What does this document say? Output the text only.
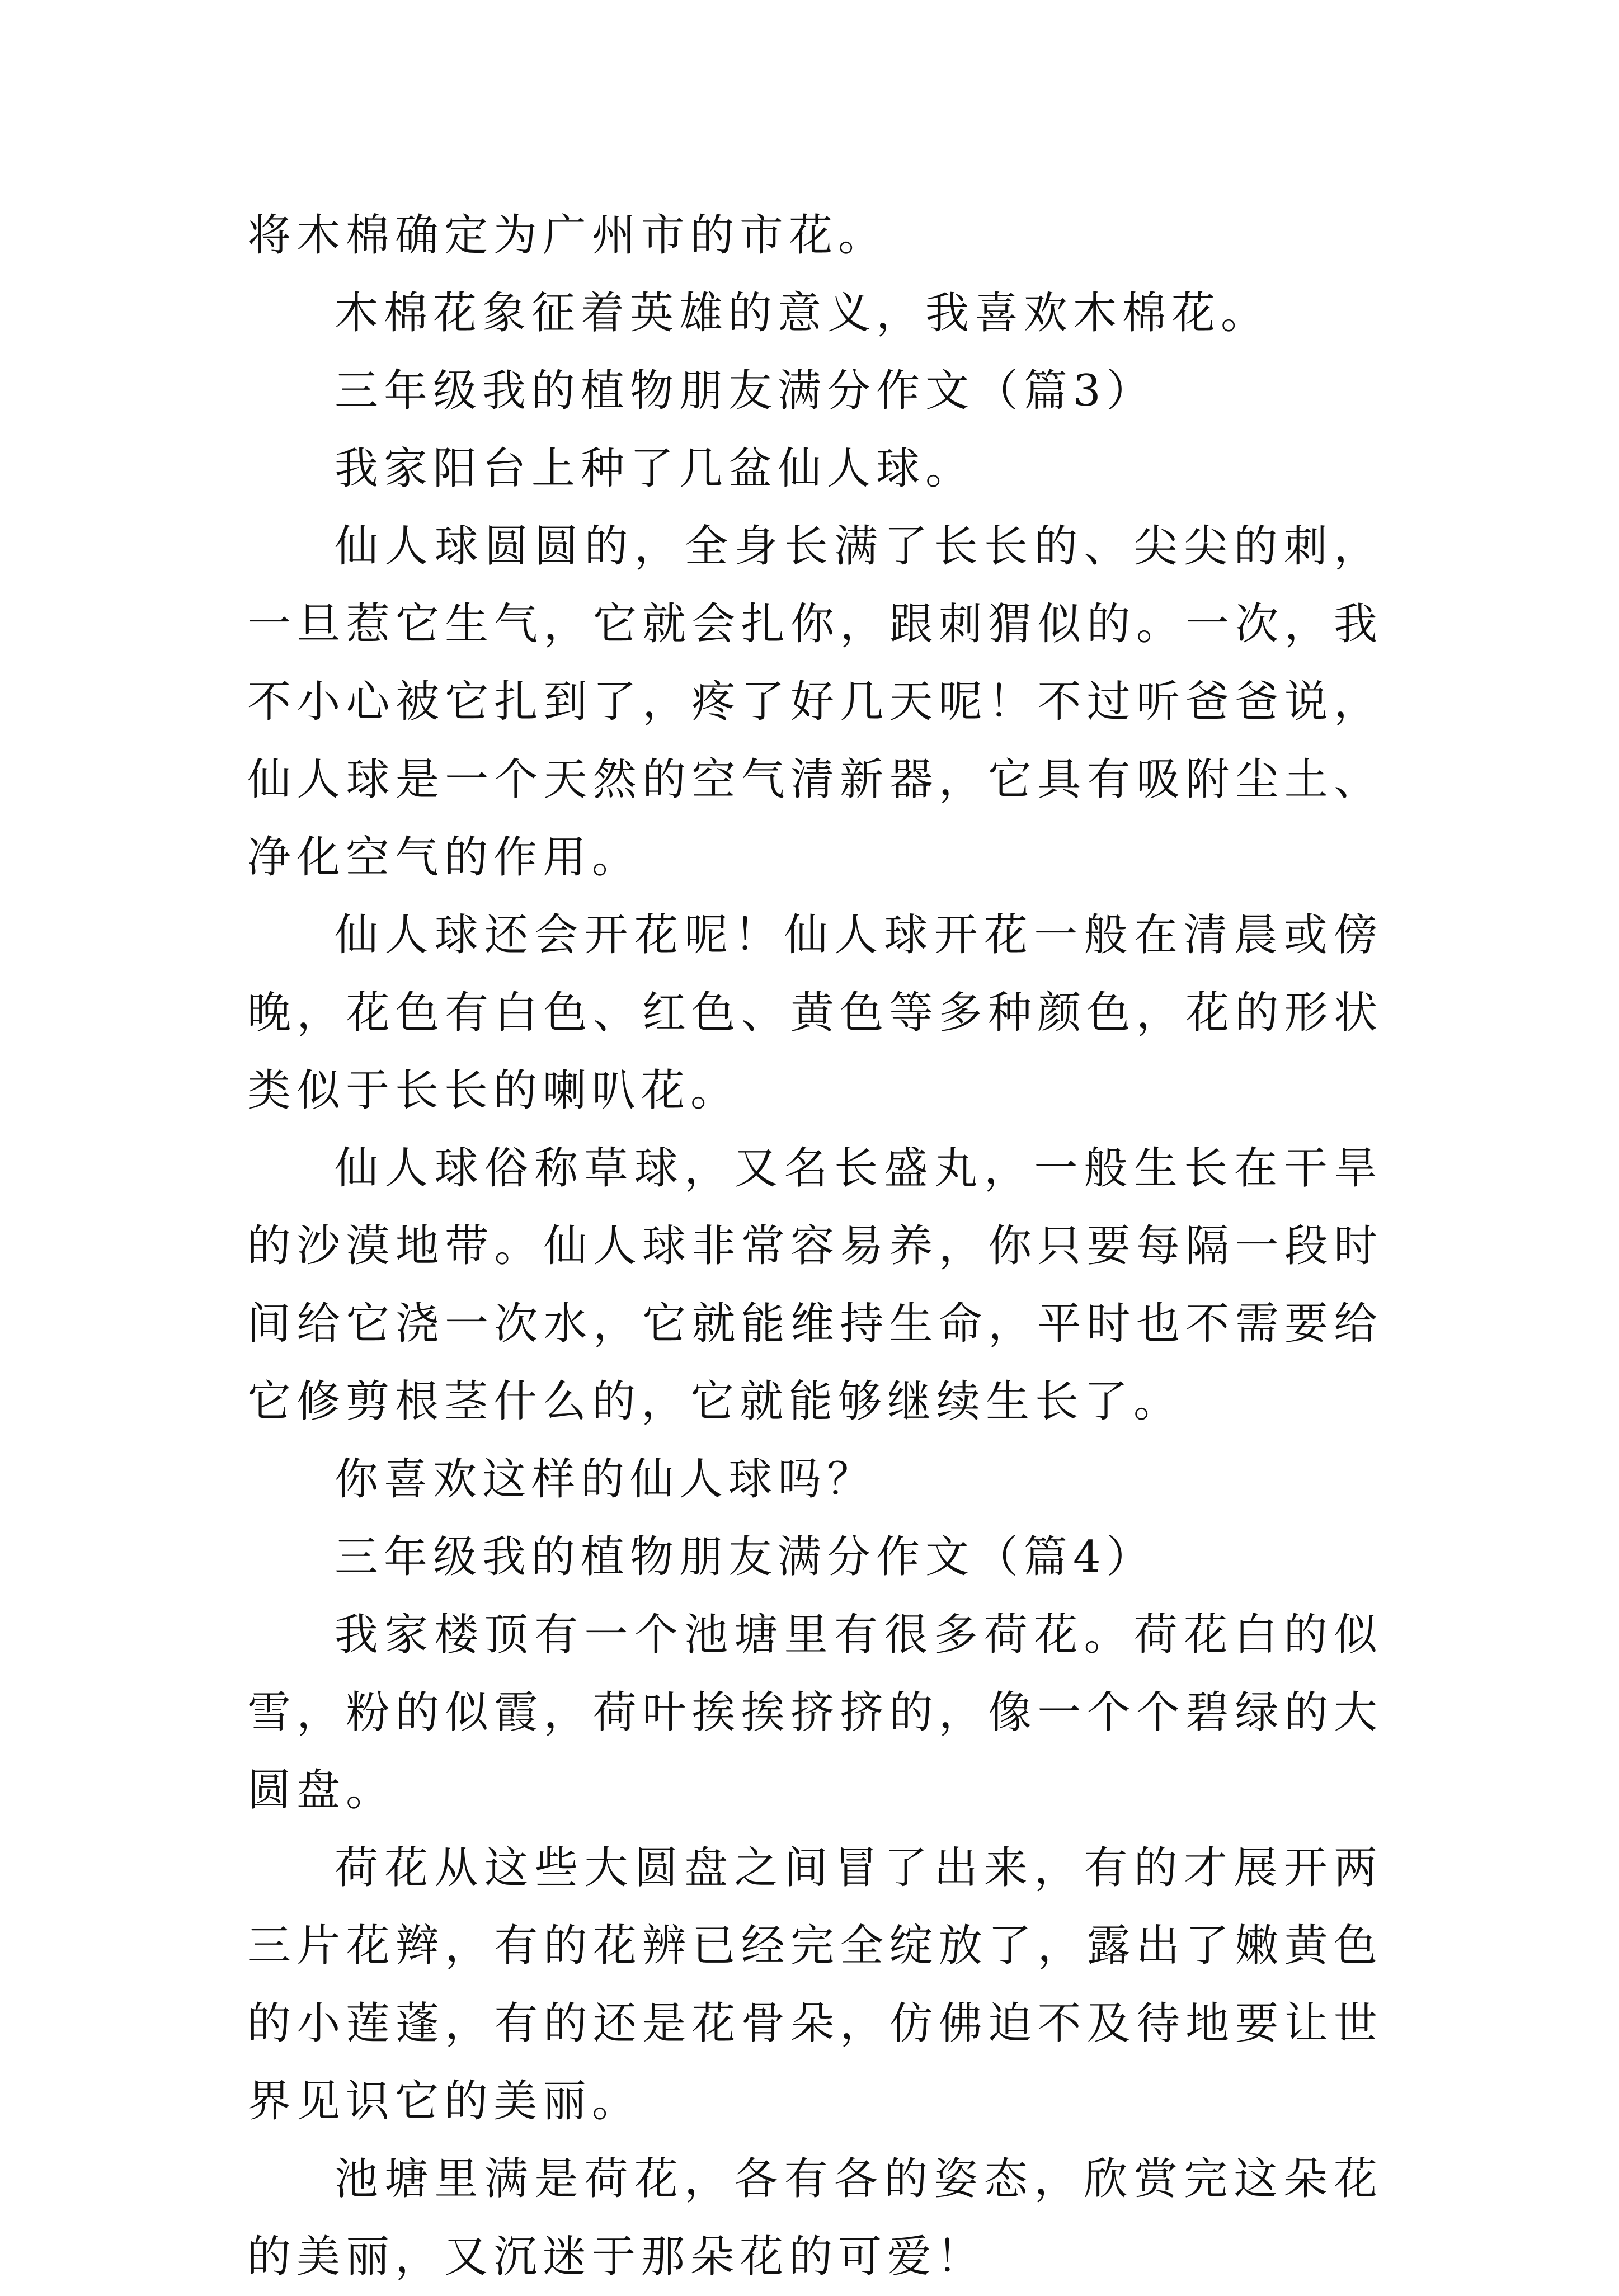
将木棉确定为广州市的市花。

木棉花象征着英雄的意义，我喜欢木棉花。

三年级我的植物朋友满分作文（篇3）

我家阳台上种了几盆仙人球。

仙人球圆圆的，全身长满了长长的、尖尖的刺，一旦惹它生气，它就会扎你，跟刺猬似的。一次，我不小心被它扎到了，疼了好几天呢！不过听爸爸说，仙人球是一个天然的空气清新器，它具有吸附尘土、净化空气的作用。

仙人球还会开花呢！仙人球开花一般在清晨或傍晚，花色有白色、红色、黄色等多种颜色，花的形状类似于长长的喇叭花。

仙人球俗称草球，又名长盛丸，一般生长在干旱的沙漠地带。仙人球非常容易养，你只要每隔一段时间给它浇一次水，它就能维持生命，平时也不需要给它修剪根茎什么的，它就能够继续生长了。

你喜欢这样的仙人球吗？

三年级我的植物朋友满分作文（篇4）

我家楼顶有一个池塘里有很多荷花。荷花白的似雪，粉的似霞，荷叶挨挨挤挤的，像一个个碧绿的大圆盘。

荷花从这些大圆盘之间冒了出来，有的才展开两三片花辫，有的花辨已经完全绽放了，露出了嫩黄色的小莲蓬，有的还是花骨朵，仿佛迫不及待地要让世界见识它的美丽。

池塘里满是荷花，各有各的姿态，欣赏完这朵花的美丽，又沉迷于那朵花的可爱！
